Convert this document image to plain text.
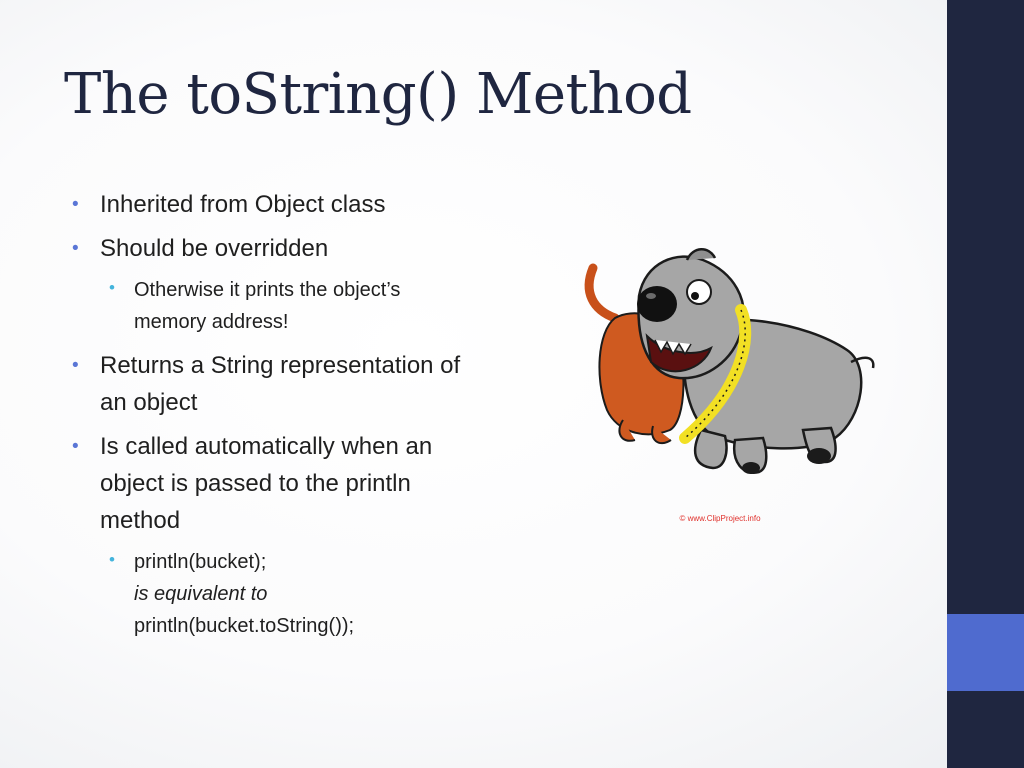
The toString() Method
• Inherited from Object class
• Should be overridden
• Otherwise it prints the object’s memory address!
• Returns a String representation of an object
• Is called automatically when an object is passed to the println method
• println(bucket);
is equivalent to
println(bucket.toString());
© www.ClipProject.info
